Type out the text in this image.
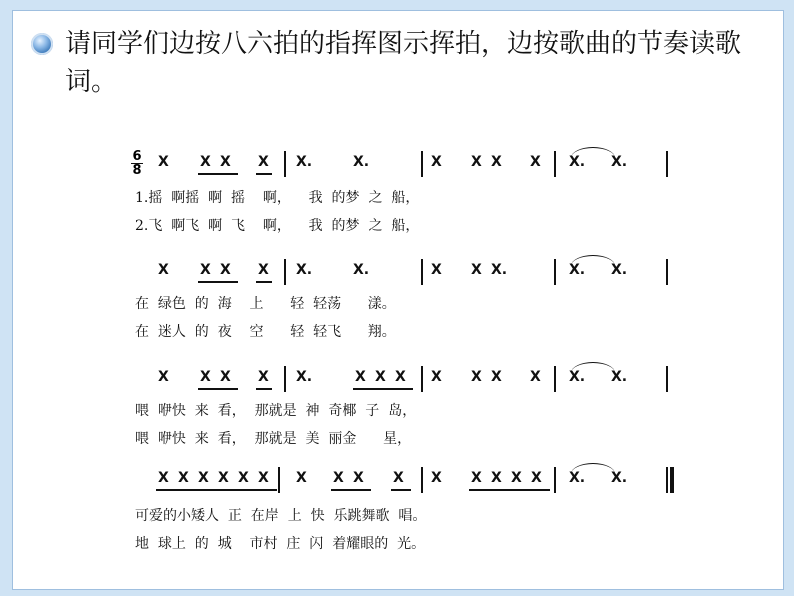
请同学们边按八六拍的指挥图示挥拍，边按歌曲的节奏读歌词。
6
8
X X X X X.	X.	X X X X X. X.
1.摇  啊摇  啊  摇    啊，    我  的梦  之  船，
2.飞  啊飞  啊  飞    啊，    我  的梦  之  船，
X X X X X.	X.	X X X.	X. X.
在  绿色  的  海    上      轻  轻荡      漾。
在  迷人  的  夜    空      轻  轻飞      翔。
X X X X X.	X X X X X X X X. X.
喂  咿快  来  看，  那就是  神  奇椰  子  岛，
喂  咿快  来  看，  那就是  美  丽金      星，
X X X X X X X X X X X X X X X X. X.
可爱的小矮人  正  在岸  上  快  乐跳舞歌  唱。
地  球上  的  城    市村  庄  闪  着耀眼的  光。
